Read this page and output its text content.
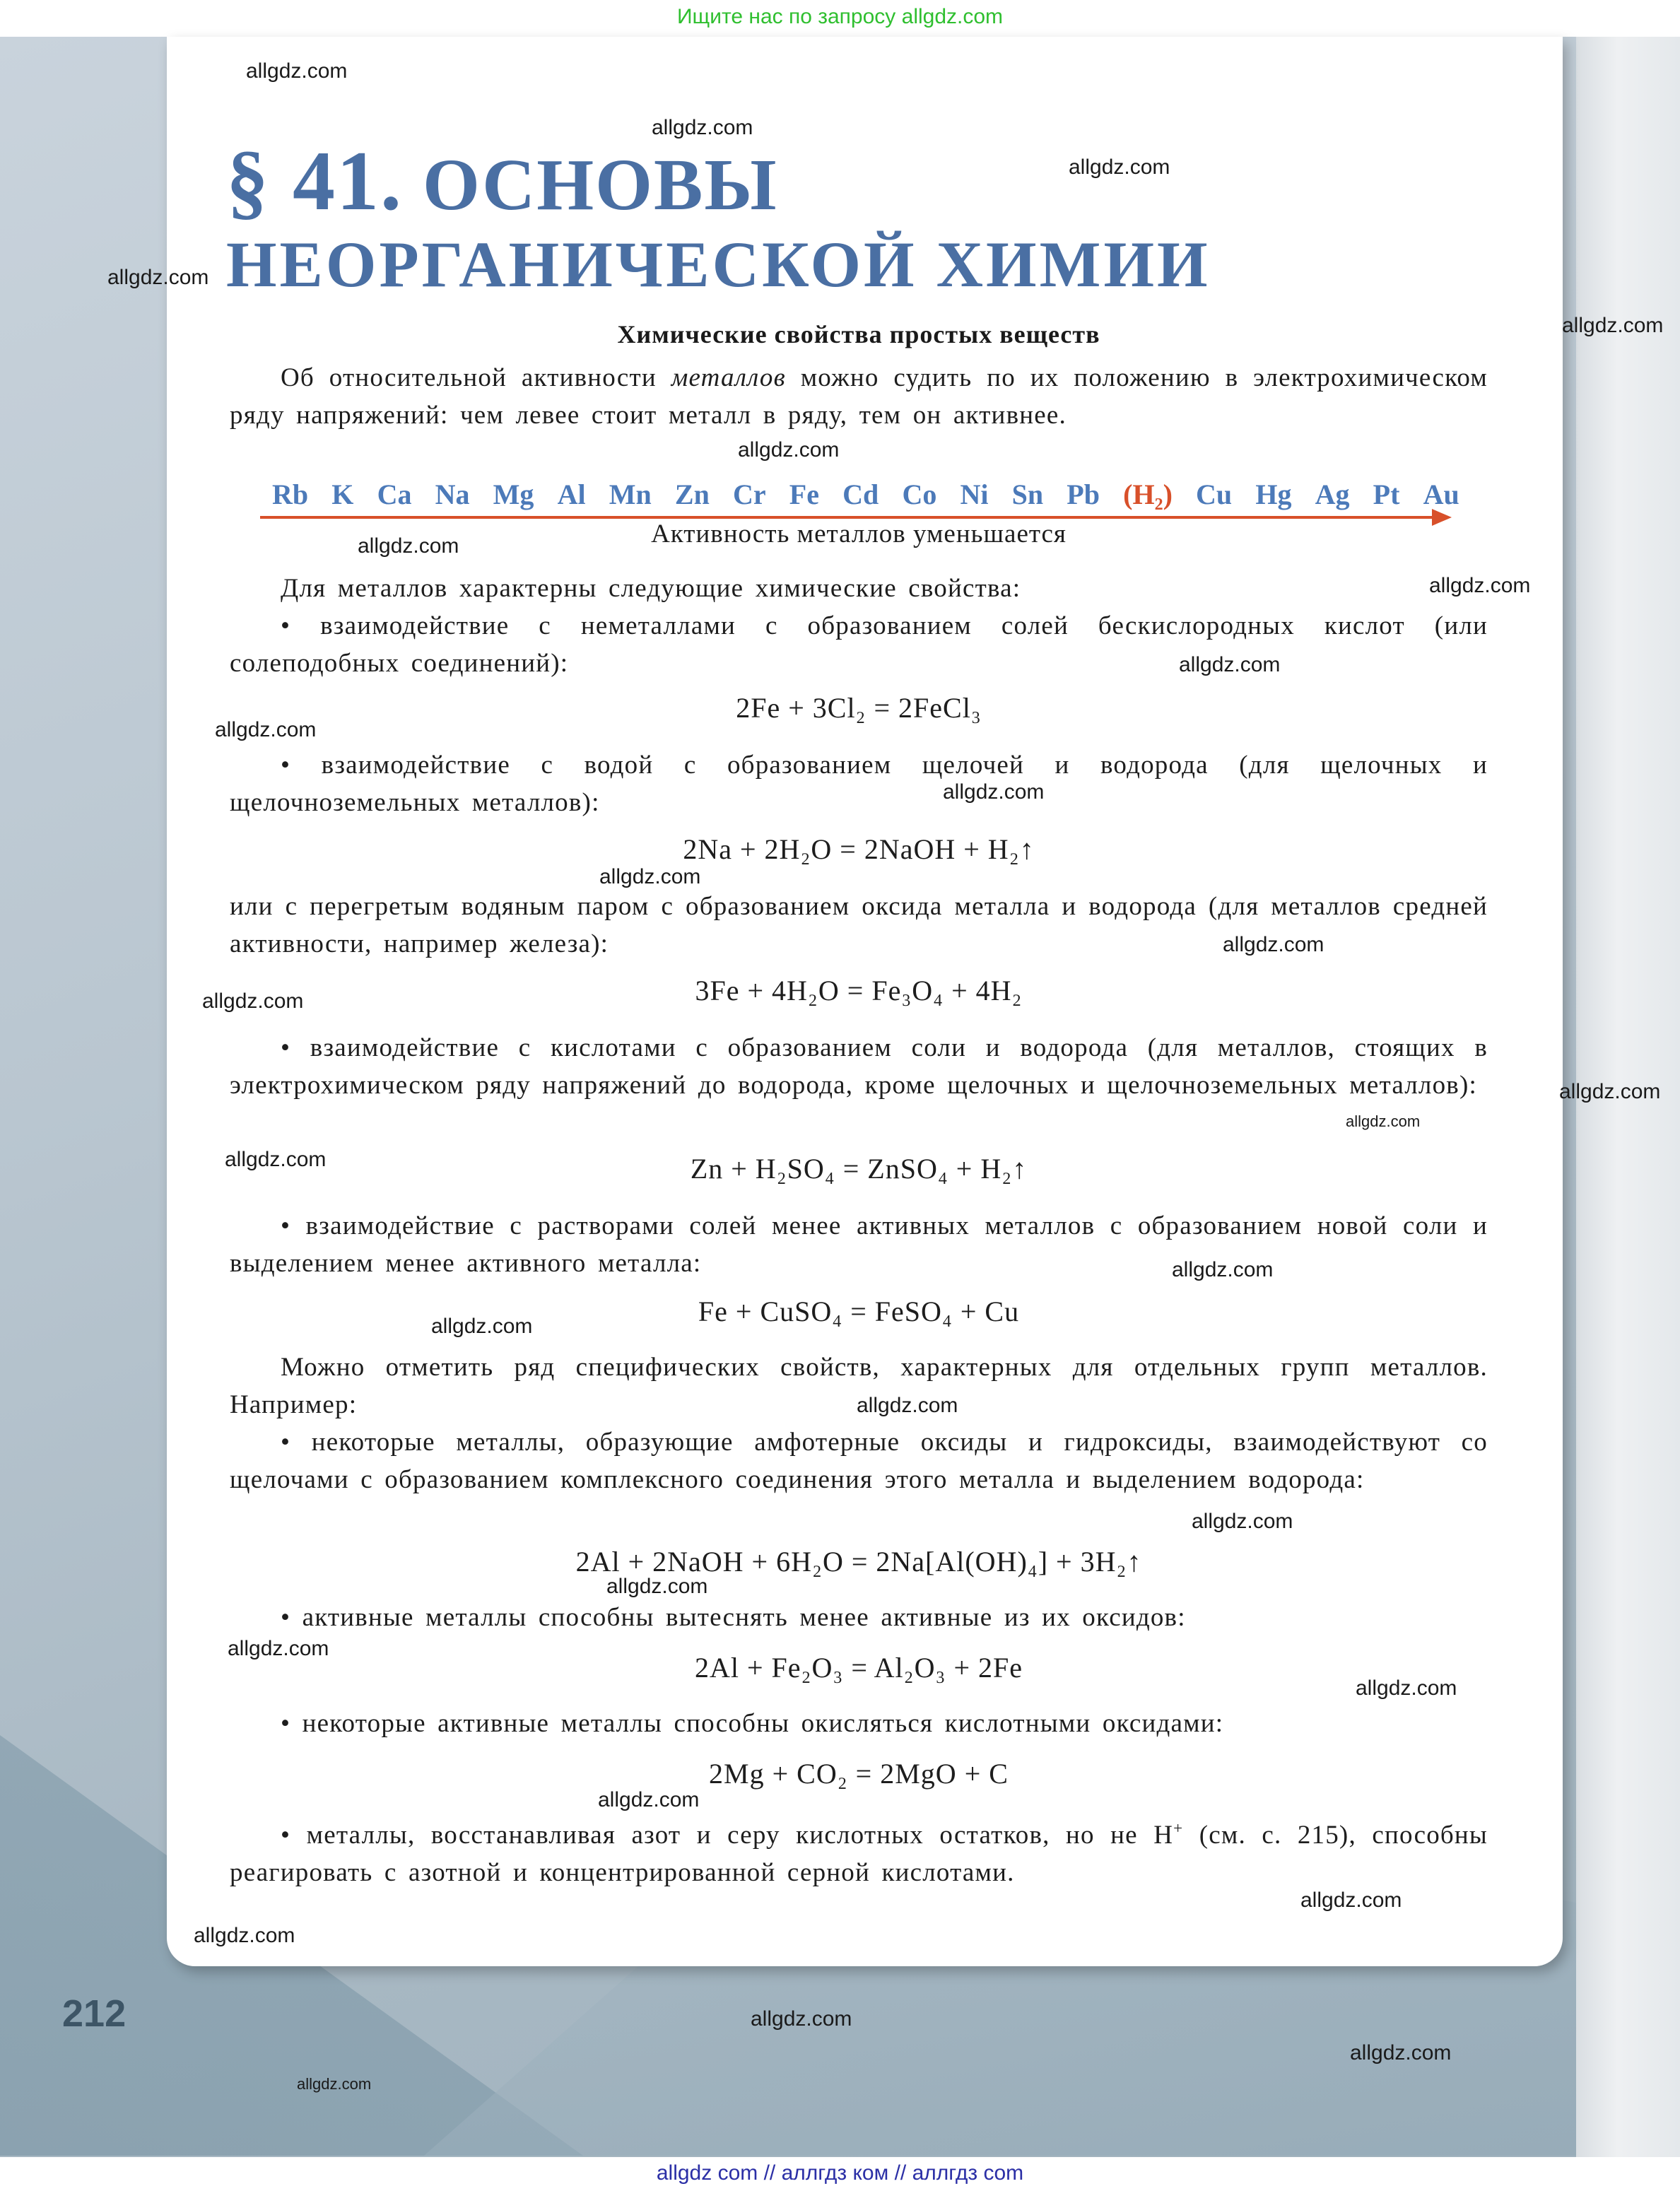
Ищите нас по запросу allgdz.com
§ 41. ОСНОВЫ
НЕОРГАНИЧЕСКОЙ ХИМИИ
Химические свойства простых веществ
Об относительной активности металлов можно судить по их положению в электрохимическом ряду напряжений: чем левее стоит металл в ряду, тем он активнее.
Rb K Ca Na Mg Al Mn Zn Cr Fe Cd Co Ni Sn Pb (H₂) Cu Hg Ag Pt Au
Активность металлов уменьшается
Для металлов характерны следующие химические свойства:
• взаимодействие с неметаллами с образованием солей бескислородных кислот (или солеподобных соединений):
2Fe + 3Cl₂ = 2FeCl₃
• взаимодействие с водой с образованием щелочей и водорода (для щелочных и щелочноземельных металлов):
2Na + 2H₂O = 2NaOH + H₂↑
или с перегретым водяным паром с образованием оксида металла и водорода (для металлов средней активности, например железа):
3Fe + 4H₂O = Fe₃O₄ + 4H₂
• взаимодействие с кислотами с образованием соли и водорода (для металлов, стоящих в электрохимическом ряду напряжений до водорода, кроме щелочных и щелочноземельных металлов):
Zn + H₂SO₄ = ZnSO₄ + H₂↑
• взаимодействие с растворами солей менее активных металлов с образованием новой соли и выделением менее активного металла:
Fe + CuSO₄ = FeSO₄ + Cu
Можно отметить ряд специфических свойств, характерных для отдельных групп металлов. Например:
• некоторые металлы, образующие амфотерные оксиды и гидроксиды, взаимодействуют со щелочами с образованием комплексного соединения этого металла и выделением водорода:
2Al + 2NaOH + 6H₂O = 2Na[Al(OH)₄] + 3H₂↑
• активные металлы способны вытеснять менее активные из их оксидов:
2Al + Fe₂O₃ = Al₂O₃ + 2Fe
• некоторые активные металлы способны окисляться кислотными оксидами:
2Mg + CO₂ = 2MgO + C
• металлы, восстанавливая азот и серу кислотных остатков, но не H+ (см. с. 215), способны реагировать с азотной и концентрированной серной кислотами.
212
allgdz.com
allgdz.com
allgdz.com
allgdz.com
allgdz.com
allgdz.com
allgdz.com
allgdz.com
allgdz.com
allgdz.com
allgdz.com
allgdz.com
allgdz.com
allgdz.com
allgdz.com
allgdz.com
allgdz.com
allgdz.com
allgdz.com
allgdz.com
allgdz.com
allgdz.com
allgdz.com
allgdz.com
allgdz.com
allgdz.com
allgdz.com
allgdz.com
allgdz.com
allgdz.com
allgdz com // аллгдз ком // аллгдз com
